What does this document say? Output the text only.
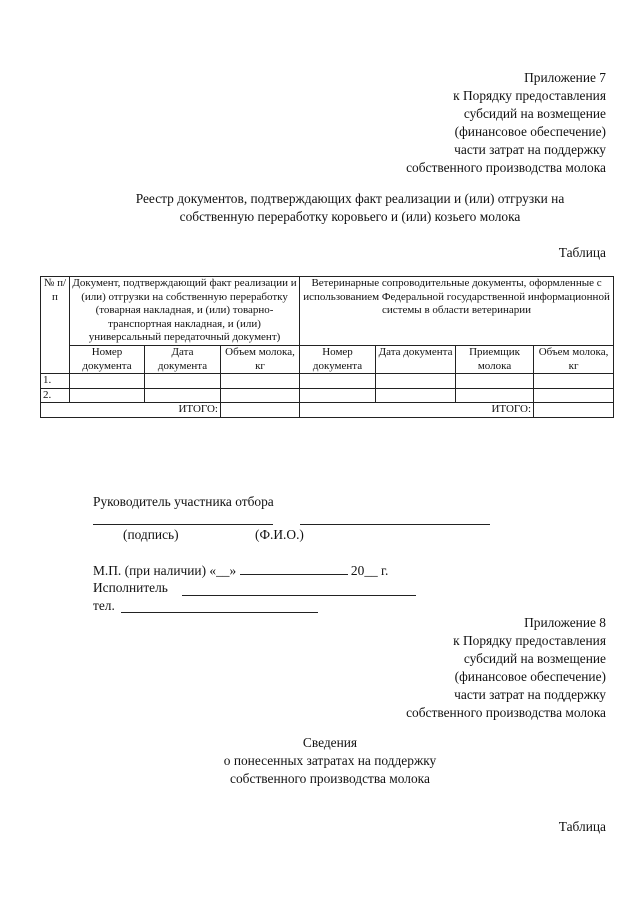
Приложение 7
к Порядку предоставления
субсидий на возмещение
(финансовое обеспечение)
части затрат на поддержку
собственного производства молока
Реестр документов, подтверждающих факт реализации и (или) отгрузки на
собственную переработку коровьего и (или) козьего молока
Таблица
№ п/п	Документ, подтверждающий факт реализации и (или) отгрузки на собственную переработку (товарная накладная, и (или) товарно-транспортная накладная, и (или) универсальный передаточный документ)			Ветеринарные сопроводительные документы, оформленные с использованием Федеральной государственной информационной системы в области ветеринарии			
	Номер документа	Дата документа	Объем молока, кг	Номер документа	Дата документа	Приемщик молока	Объем молока, кг
1.							
2.							
ИТОГО:				ИТОГО:			
Руководитель участника отбора
(подпись)	(Ф.И.О.)
М.П. (при наличии) «__»	20__ г.
Исполнитель
тел.
Приложение 8
к Порядку предоставления
субсидий на возмещение
(финансовое обеспечение)
части затрат на поддержку
собственного производства молока
Сведения
о понесенных затратах на поддержку
собственного производства молока
Таблица
